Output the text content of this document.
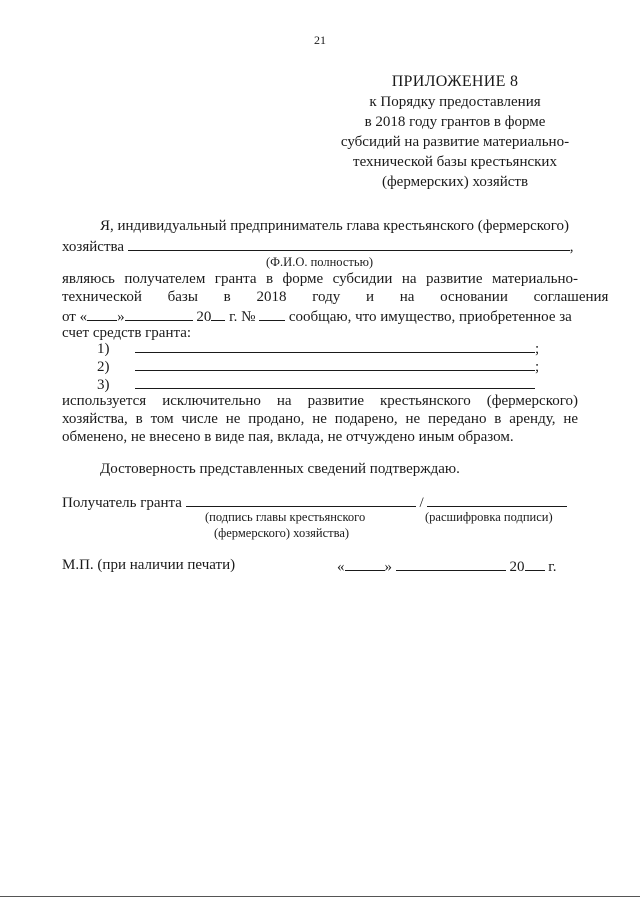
21
ПРИЛОЖЕНИЕ 8
к Порядку предоставления
в 2018 году грантов в форме
субсидий на развитие материально-
технической базы крестьянских
(фермерских) хозяйств
Я, индивидуальный предприниматель глава крестьянского (фермерского)
хозяйства	,
(Ф.И.О. полностью)
являюсь получателем гранта в форме субсидии на развитие материально-
технической базы в 2018 году и на основании соглашения
от « »	20 г. № сообщаю, что имущество, приобретенное за
счет средств гранта:
1)	;
2)	;
3)
используется исключительно на развитие крестьянского (фермерского)
хозяйства, в том числе не продано, не подарено, не передано в аренду, не
обменено, не внесено в виде пая, вклада, не отчуждено иным образом.
Достоверность представленных сведений подтверждаю.
Получатель гранта	/
(подпись главы крестьянского
(фермерского) хозяйства)
(расшифровка подписи)
М.П. (при наличии печати)	«	»	20 г.
